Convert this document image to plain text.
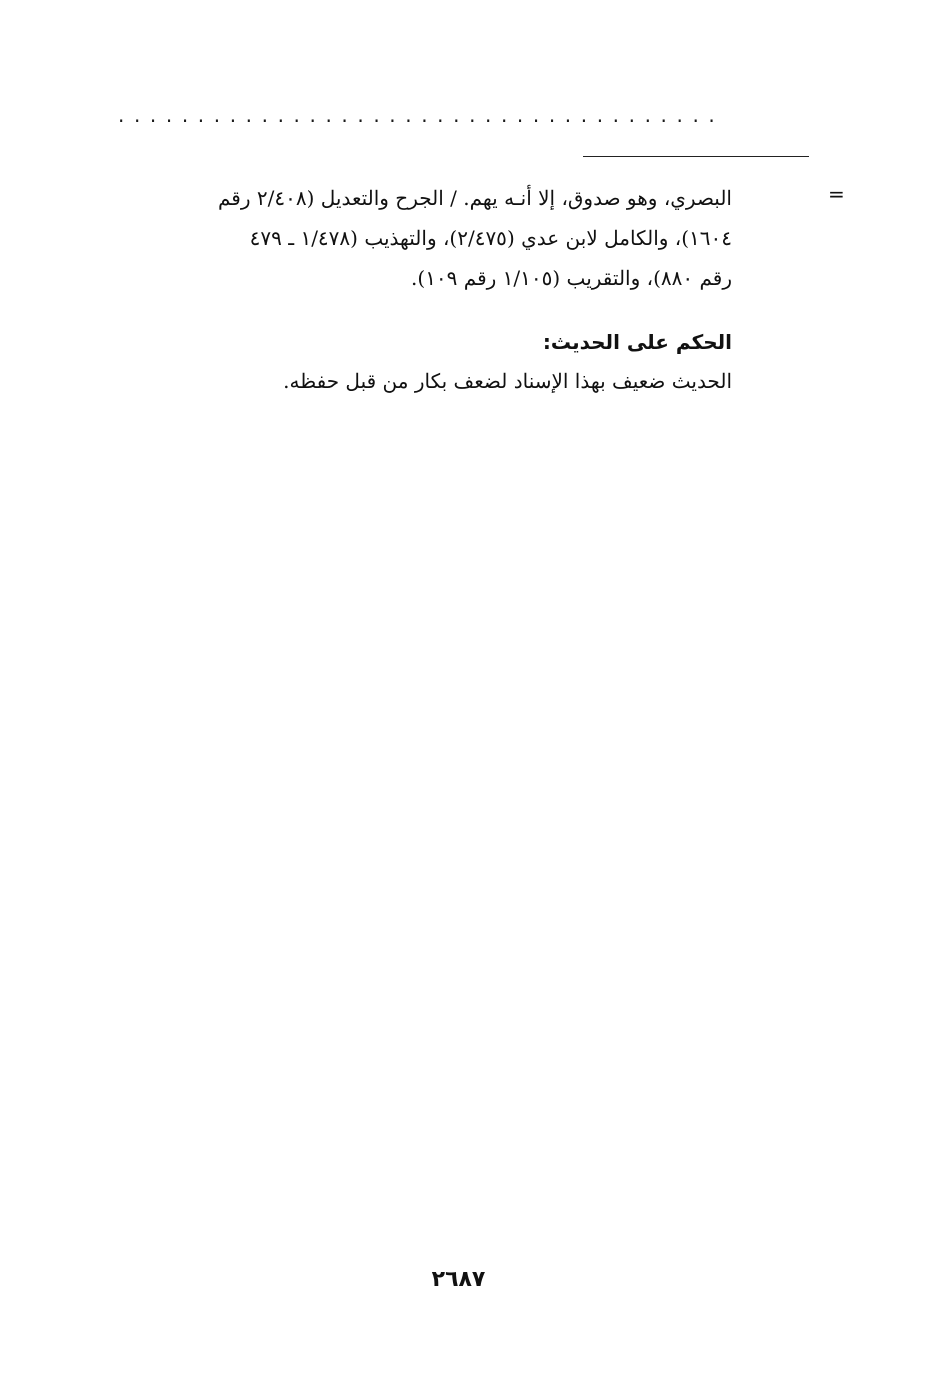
......................................
=
البصري، وهو صدوق، إلا أنـه يهم. / الجرح والتعديل (٢/٤٠٨ رقم
١٦٠٤)، والكامل لابن عدي (٢/٤٧٥)، والتهذيب (١/٤٧٨ ـ ٤٧٩
رقم ٨٨٠)، والتقريب (١/١٠٥ رقم ١٠٩).
الحكم على الحديث:
الحديث ضعيف بهذا الإسناد لضعف بكار من قبل حفظه.
٢٦٨٧
